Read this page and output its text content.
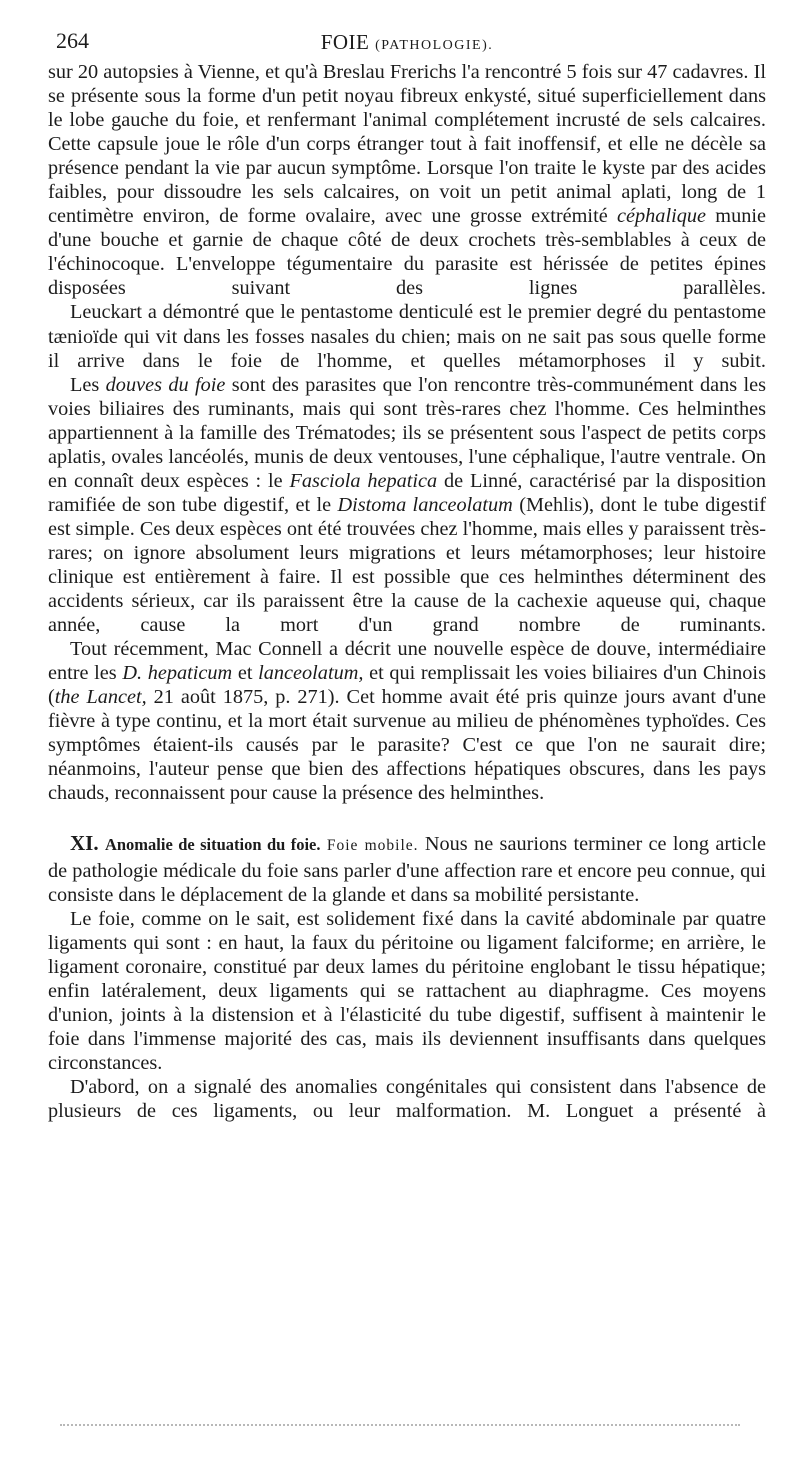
264	FOIE (PATHOLOGIE).

sur 20 autopsies à Vienne, et qu'à Breslau Frerichs l'a rencontré 5 fois sur 47 cadavres. Il se présente sous la forme d'un petit noyau fibreux enkysté, situé superficiellement dans le lobe gauche du foie, et renfermant l'animal complétement incrusté de sels calcaires. Cette capsule joue le rôle d'un corps étranger tout à fait inoffensif, et elle ne décèle sa présence pendant la vie par aucun symptôme. Lorsque l'on traite le kyste par des acides faibles, pour dissoudre les sels calcaires, on voit un petit animal aplati, long de 1 centimètre environ, de forme ovalaire, avec une grosse extrémité céphalique munie d'une bouche et garnie de chaque côté de deux crochets très-semblables à ceux de l'échinocoque. L'enveloppe tégumentaire du parasite est hérissée de petites épines disposées suivant des lignes parallèles.

Leuckart a démontré que le pentastome denticulé est le premier degré du pentastome tænioïde qui vit dans les fosses nasales du chien; mais on ne sait pas sous quelle forme il arrive dans le foie de l'homme, et quelles métamorphoses il y subit.

Les douves du foie sont des parasites que l'on rencontre très-communément dans les voies biliaires des ruminants, mais qui sont très-rares chez l'homme. Ces helminthes appartiennent à la famille des Trématodes; ils se présentent sous l'aspect de petits corps aplatis, ovales lancéolés, munis de deux ventouses, l'une céphalique, l'autre ventrale. On en connaît deux espèces : le Fasciola hepatica de Linné, caractérisé par la disposition ramifiée de son tube digestif, et le Distoma lanceolatum (Mehlis), dont le tube digestif est simple. Ces deux espèces ont été trouvées chez l'homme, mais elles y paraissent très-rares; on ignore absolument leurs migrations et leurs métamorphoses; leur histoire clinique est entièrement à faire. Il est possible que ces helminthes déterminent des accidents sérieux, car ils paraissent être la cause de la cachexie aqueuse qui, chaque année, cause la mort d'un grand nombre de ruminants.

Tout récemment, Mac Connell a décrit une nouvelle espèce de douve, intermédiaire entre les D. hepaticum et lanceolatum, et qui remplissait les voies biliaires d'un Chinois (the Lancet, 21 août 1875, p. 271). Cet homme avait été pris quinze jours avant d'une fièvre à type continu, et la mort était survenue au milieu de phénomènes typhoïdes. Ces symptômes étaient-ils causés par le parasite? C'est ce que l'on ne saurait dire; néanmoins, l'auteur pense que bien des affections hépatiques obscures, dans les pays chauds, reconnaissent pour cause la présence des helminthes.

XI. Anomalie de situation du foie. Foie mobile. Nous ne saurions terminer ce long article de pathologie médicale du foie sans parler d'une affection rare et encore peu connue, qui consiste dans le déplacement de la glande et dans sa mobilité persistante.

Le foie, comme on le sait, est solidement fixé dans la cavité abdominale par quatre ligaments qui sont : en haut, la faux du péritoine ou ligament falciforme; en arrière, le ligament coronaire, constitué par deux lames du péritoine englobant le tissu hépatique; enfin latéralement, deux ligaments qui se rattachent au diaphragme. Ces moyens d'union, joints à la distension et à l'élasticité du tube digestif, suffisent à maintenir le foie dans l'immense majorité des cas, mais ils deviennent insuffisants dans quelques circonstances.

D'abord, on a signalé des anomalies congénitales qui consistent dans l'absence de plusieurs de ces ligaments, ou leur malformation. M. Longuet a présenté à
